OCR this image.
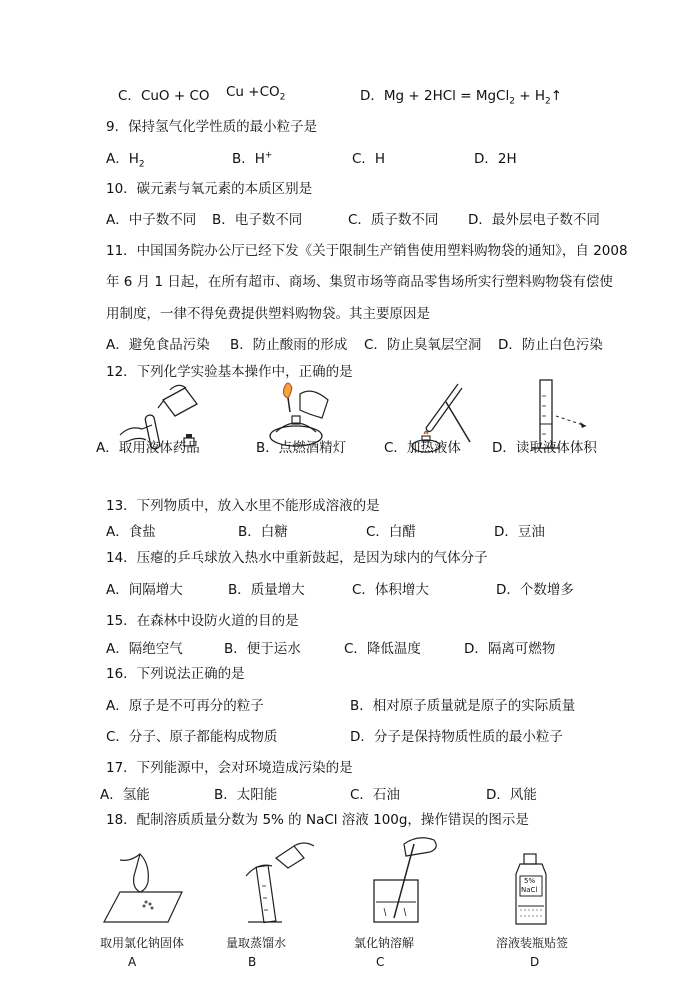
C．CuO + CO $Cu +CO_2$	D．Mg + 2HCl = MgCl$_2$ + $H_2↑$
9．保持氢气化学性质的最小粒子是
A．$H_2$	B．H+	C．H	D．2H
10．碳元素与氧元素的本质区别是
A．中子数不同 B．电子数不同	C．质子数不同 D．最外层电子数不同
11．中国国务院办公厅已经下发《关于限制生产销售使用塑料购物袋的通知》，自 2008
年 6 月 1 日起，在所有超市、商场、集贸市场等商品零售场所实行塑料购物袋有偿使
用制度，一律不得免费提供塑料购物袋。其主要原因是
A．避免食品污染 B．防止酸雨的形成 C．防止臭氧层空洞 D．防止白色污染
12．下列化学实验基本操作中，正确的是
A．取用液体药品	B．点燃酒精灯	C．加热液体 D．读取液体体积
13．下列物质中，放入水里不能形成溶液的是
A．食盐	B．白糖	C．白醋	D．豆油
14．压瘪的乒乓球放入热水中重新鼓起，是因为球内的气体分子
A．间隔增大	B．质量增大	C．体积增大	D．个数增多
15．在森林中设防火道的目的是
A．隔绝空气	B．便于运水	C．降低温度	D．隔离可燃物
16．下列说法正确的是
A．原子是不可再分的粒子	B．相对原子质量就是原子的实际质量
C．分子、原子都能构成物质	D．分子是保持物质性质的最小粒子
17．下列能源中，会对环境造成污染的是
A．氢能	B．太阳能	C．石油	D．风能
18．配制溶质质量分数为 5% 的 NaCl 溶液 100g，操作错误的图示是
5%
NaCl
取用氯化钠固体	量取蒸馏水	氯化钠溶解	溶液装瓶贴签
A	B	C	D
